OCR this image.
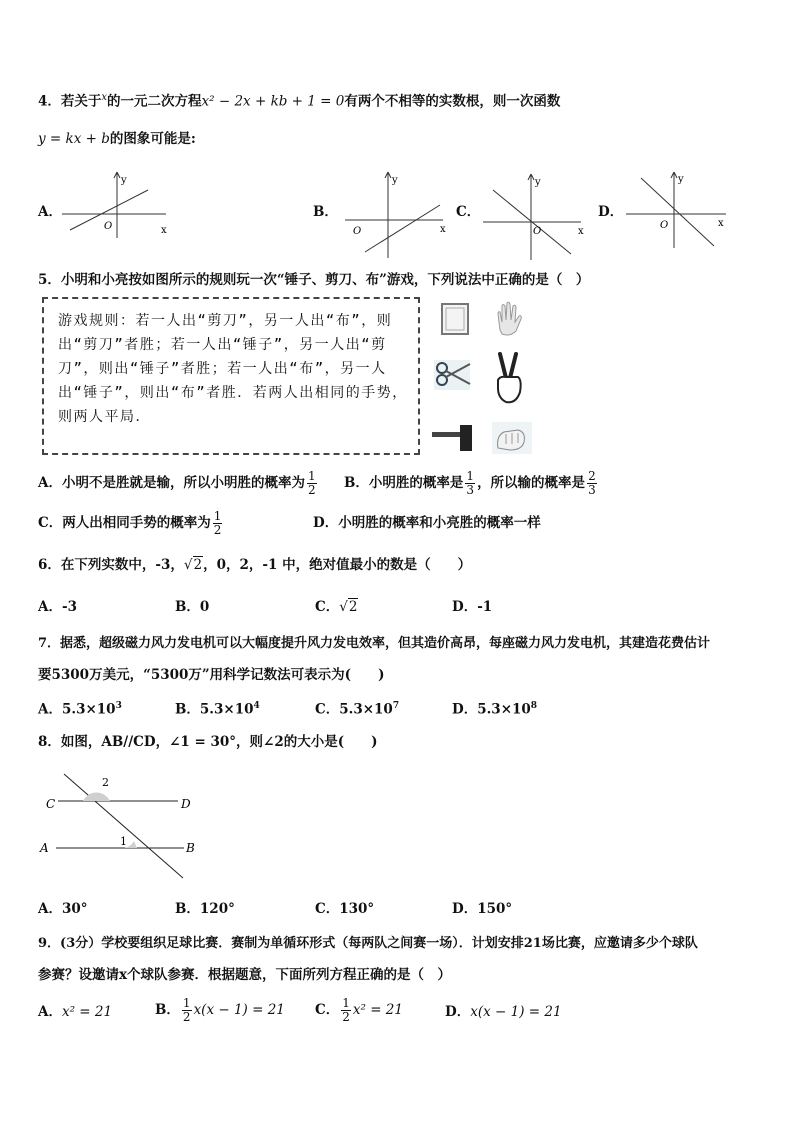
4．若关于$^x$的一元二次方程x² − 2x + kb + 1 = 0有两个不相等的实数根，则一次函数
y = kx + b的图象可能是:
A．
y
x
O
B．
y
x
O
C．
y
x
O
D．
y
x
O
5．小明和小亮按如图所示的规则玩一次“锤子、剪刀、布”游戏，下列说法中正确的是（　）
游戏规则：若一人出“剪刀”，另一人出“布”，则出“剪刀”者胜；若一人出“锤子”，另一人出“剪刀”，则出“锤子”者胜；若一人出“布”，另一人出“锤子”，则出“布”者胜．若两人出相同的手势，则两人平局．
A．小明不是胜就是输，所以小明胜的概率为 $\frac{1}{2}$ B．小明胜的概率是 $\frac{1}{3}$ ，所以输的概率是 $\frac{2}{3}$
C．两人出相同手势的概率为 $\frac{1}{2}$	D．小明胜的概率和小亮胜的概率一样
6．在下列实数中，-3，√2，0，2，-1 中，绝对值最小的数是（　　）
A．-3	B．0	C．√2	D．-1
7．据悉，超级磁力风力发电机可以大幅度提升风力发电效率，但其造价高昂，每座磁力风力发电机，其建造花费估计
要5300万美元，“5300万”用科学记数法可表示为(　　)
A．$5.3\times 10^3$	B．$5.3\times 10^4$	C．$5.3\times 10^7$	D．$5.3\times 10^8$
8．如图，AB//CD，∠1 = 30°，则∠2的大小是(　　)
C	D
A	B
1
2
A．30°	B．120°	C．130°	D．150°
9．(3分）学校要组织足球比赛．赛制为单循环形式（每两队之间赛一场）．计划安排21场比赛，应邀请多少个球队
参赛？设邀请x个球队参赛．根据题意，下面所列方程正确的是（　）
A．x² = 21	B． $\frac{1}{2} x(x - 1) = 21$ C． $\frac{1}{2} x^2 = 21$	D．x(x − 1) = 21
